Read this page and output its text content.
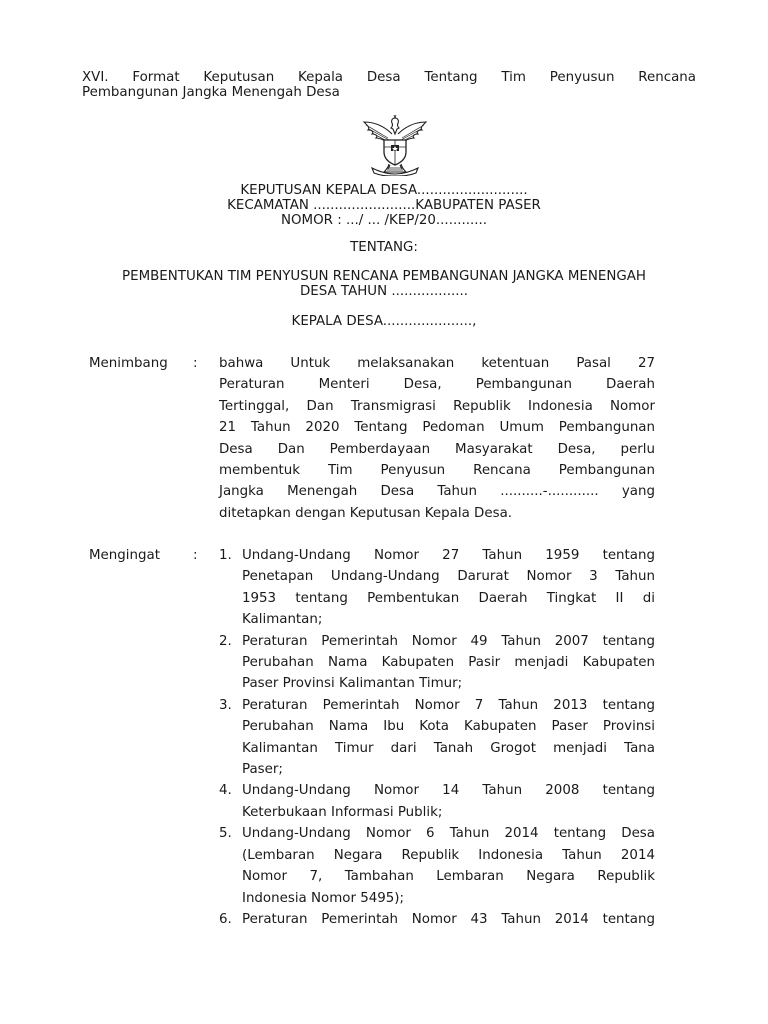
XVI. Format Keputusan Kepala Desa Tentang Tim Penyusun Rencana
Pembangunan Jangka Menengah Desa
KEPUTUSAN KEPALA DESA..........................
KECAMATAN ........................KABUPATEN PASER
NOMOR : .../ ... /KEP/20............
TENTANG:
PEMBENTUKAN TIM PENYUSUN RENCANA PEMBANGUNAN JANGKA MENENGAH
DESA TAHUN ..................
KEPALA DESA.....................,
Menimbang	:	bahwa Untuk melaksanakan ketentuan Pasal 27
Peraturan Menteri Desa, Pembangunan Daerah
Tertinggal, Dan Transmigrasi Republik Indonesia Nomor
21 Tahun 2020 Tentang Pedoman Umum Pembangunan
Desa Dan Pemberdayaan Masyarakat Desa, perlu
membentuk Tim Penyusun Rencana Pembangunan
Jangka Menengah Desa Tahun ..........-............ yang
ditetapkan dengan Keputusan Kepala Desa.
Mengingat	:	1. Undang-Undang Nomor 27 Tahun 1959 tentang
Penetapan Undang-Undang Darurat Nomor 3 Tahun
1953 tentang Pembentukan Daerah Tingkat II di
Kalimantan;
2. Peraturan Pemerintah Nomor 49 Tahun 2007 tentang
Perubahan Nama Kabupaten Pasir menjadi Kabupaten
Paser Provinsi Kalimantan Timur;
3. Peraturan Pemerintah Nomor 7 Tahun 2013 tentang
Perubahan Nama Ibu Kota Kabupaten Paser Provinsi
Kalimantan Timur dari Tanah Grogot menjadi Tana
Paser;
4. Undang-Undang Nomor 14 Tahun 2008 tentang
Keterbukaan Informasi Publik;
5. Undang-Undang Nomor 6 Tahun 2014 tentang Desa
(Lembaran Negara Republik Indonesia Tahun 2014
Nomor 7, Tambahan Lembaran Negara Republik
Indonesia Nomor 5495);
6. Peraturan Pemerintah Nomor 43 Tahun 2014 tentang
